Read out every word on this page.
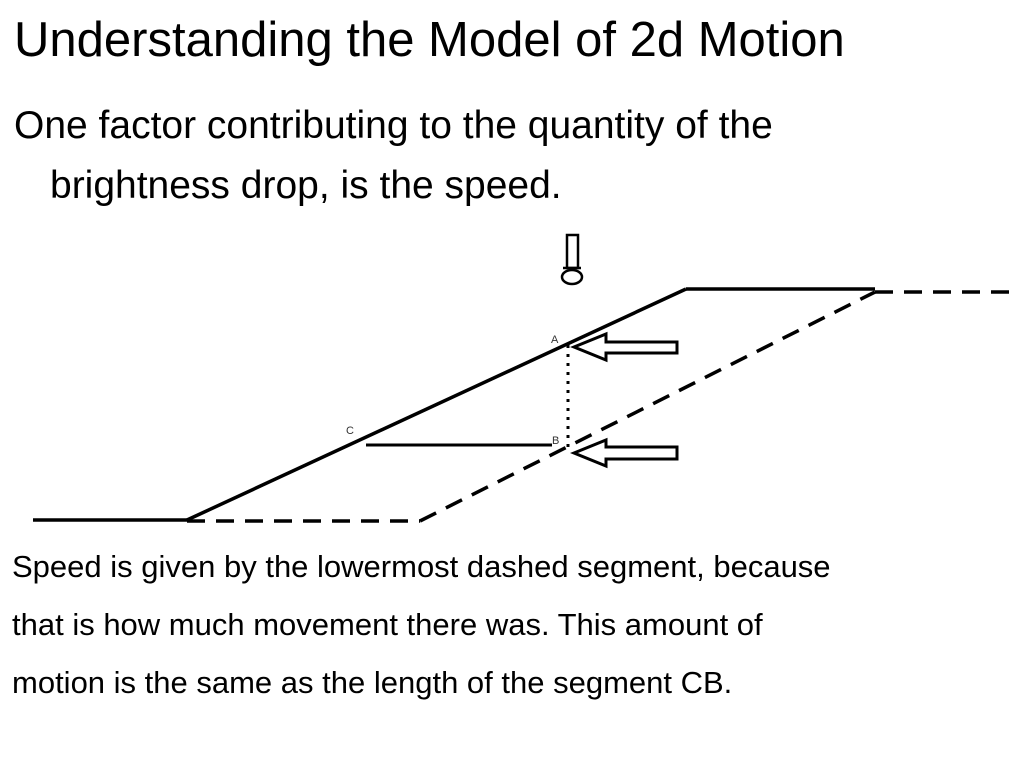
Understanding the Model of 2d Motion

One factor contributing to the quantity of the
brightness drop, is the speed.

A
B
C

Speed is given by the lowermost dashed segment, because
that is how much movement there was. This amount of
motion is the same as the length of the segment CB.
